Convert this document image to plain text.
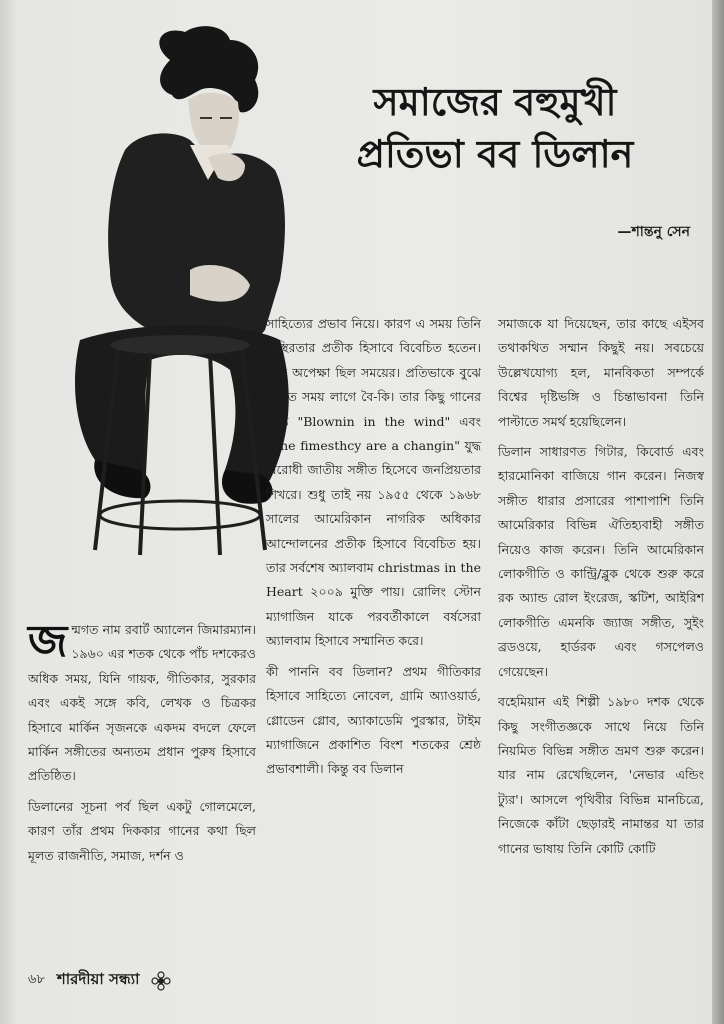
সমাজের বহুমুখী
প্রতিভা বব ডিলান
—শান্তনু সেন

জন্মগত নাম রবার্ট অ্যালেন জিমারম্যান। ১৯৬০ এর শতক থেকে পাঁচ দশকেরও অধিক সময়, যিনি গায়ক, গীতিকার, সুরকার এবং একই সঙ্গে কবি, লেখক ও চিত্রকর হিসাবে মার্কিন সৃজনকে একদম বদলে ফেলে মার্কিন সঙ্গীতের অন্যতম প্রধান পুরুষ হিসাবে প্রতিষ্ঠিত।

ডিলানের সূচনা পর্ব ছিল একটু গোলমেলে, কারণ তাঁর প্রথম দিককার গানের কথা ছিল মূলত রাজনীতি, সমাজ, দর্শন ও

সাহিত্যের প্রভাব নিয়ে। কারণ এ সময় তিনি অস্থিরতার প্রতীক হিসাবে বিবেচিত হতেন। কিন্তু অপেক্ষা ছিল সময়ের। প্রতিভাকে বুঝে উঠতে সময় লাগে বৈ-কি। তার কিছু গানের মধ্যে "Blownin in the wind" এবং "The fimesthcy are a changin" যুদ্ধ বিরোধী জাতীয় সঙ্গীত হিসেবে জনপ্রিয়তার শিখরে। শুধু তাই নয় ১৯৫৫ থেকে ১৯৬৮ সালের আমেরিকান নাগরিক অধিকার আন্দোলনের প্রতীক হিসাবে বিবেচিত হয়। তার সর্বশেষ অ্যালবাম christmas in the Heart ২০০৯ মুক্তি পায়। রোলিং স্টোন ম্যাগাজিন যাকে পরবর্তীকালে বর্ষসেরা অ্যালবাম হিসাবে সম্মানিত করে।

কী পাননি বব ডিলান? প্রথম গীতিকার হিসাবে সাহিত্যে নোবেল, গ্রামি অ্যাওয়ার্ড, গ্লোডেন গ্লোব, অ্যাকাডেমি পুরস্কার, টাইম ম্যাগাজিনে প্রকাশিত বিংশ শতকের শ্রেষ্ঠ প্রভাবশালী। কিন্তু বব ডিলান

সমাজকে যা দিয়েছেন, তার কাছে এইসব তথাকথিত সম্মান কিছুই নয়। সবচেয়ে উল্লেখযোগ্য হল, মানবিকতা সম্পর্কে বিশ্বের দৃষ্টিভঙ্গি ও চিন্তাভাবনা তিনি পাল্টাতে সমর্থ হয়েছিলেন।

ডিলান সাধারণত গিটার, কিবোর্ড এবং হারমোনিকা বাজিয়ে গান করেন। নিজস্ব সঙ্গীত ধারার প্রসারের পাশাপাশি তিনি আমেরিকার বিভিন্ন ঐতিহ্যবাহী সঙ্গীত নিয়েও কাজ করেন। তিনি আমেরিকান লোকগীতি ও কান্ট্রি/ব্লুক থেকে শুরু করে রক অ্যান্ড রোল ইংরেজ, স্কটিশ, আইরিশ লোকগীতি এমনকি জ্যাজ সঙ্গীত, সুইং ব্রডওয়ে, হার্ডরক এবং গসপেলও গেয়েছেন।

বহেমিয়ান এই শিল্পী ১৯৮০ দশক থেকে কিছু সংগীতজ্ঞকে সাথে নিয়ে তিনি নিয়মিত বিভিন্ন সঙ্গীত ভ্রমণ শুরু করেন। যার নাম রেখেছিলেন, 'নেভার এন্ডিং ট্যুর'। আসলে পৃথিবীর বিভিন্ন মানচিত্রে, নিজেকে কাঁটা ছেড়ারই নামান্তর যা তার গানের ভাষায় তিনি কোটি কোটি

৬৮ শারদীয়া সন্ধ্যা
